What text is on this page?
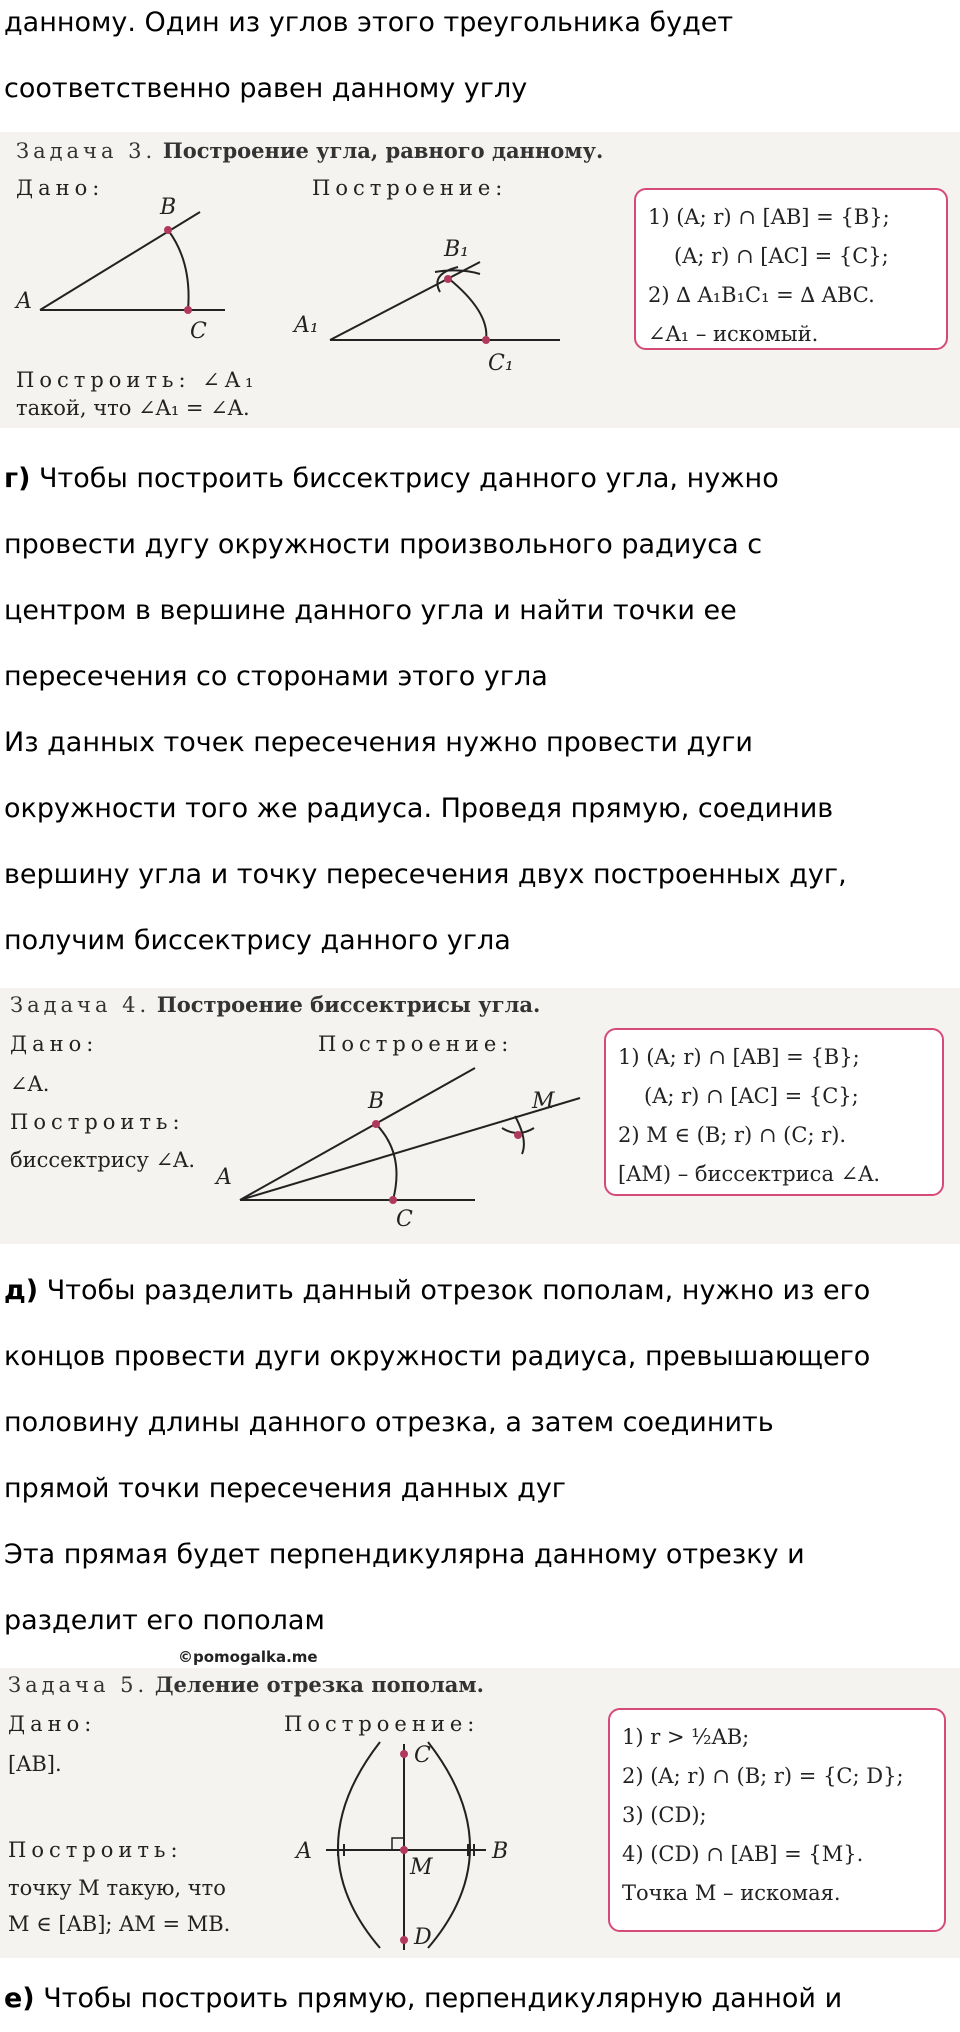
данному. Один из углов этого треугольника будет
соответственно равен данному углу
Задача 3. Построение угла, равного данному.
Дано:	Построение:
Построить: ∠A₁
такой, что ∠A₁ = ∠A.
A
B
C	A₁
B₁
C₁
1) (A; r) ∩ [AB] = {B};
(A; r) ∩ [AC] = {C};
2) ∆ A₁B₁C₁ = ∆ ABC.
∠A₁ – искомый.
г) Чтобы построить биссектрису данного угла, нужно
провести дугу окружности произвольного радиуса с
центром в вершине данного угла и найти точки ее
пересечения со сторонами этого угла
Из данных точек пересечения нужно провести дуги
окружности того же радиуса. Проведя прямую, соединив
вершину угла и точку пересечения двух построенных дуг,
получим биссектрису данного угла
Задача 4. Построение биссектрисы угла.
Дано:
∠A.
Построить:
биссектрису ∠A.
Построение:
A
B
C
M
1) (A; r) ∩ [AB] = {B};
(A; r) ∩ [AC] = {C};
2) M ∈ (B; r) ∩ (C; r).
[AM) – биссектриса ∠A.
д) Чтобы разделить данный отрезок пополам, нужно из его
концов провести дуги окружности радиуса, превышающего
половину длины данного отрезка, а затем соединить
прямой точки пересечения данных дуг
Эта прямая будет перпендикулярна данному отрезку и
разделит его пополам
©pomogalka.me
Задача 5. Деление отрезка пополам.
Дано:
[AB].
Построить:
точку M такую, что
M ∈ [AB]; AM = MB.
Построение:
A	B
C
D
M
1) r > ½AB;
2) (A; r) ∩ (B; r) = {C; D};
3) (CD);
4) (CD) ∩ [AB] = {M}.
Точка M – искомая.
е) Чтобы построить прямую, перпендикулярную данной и
